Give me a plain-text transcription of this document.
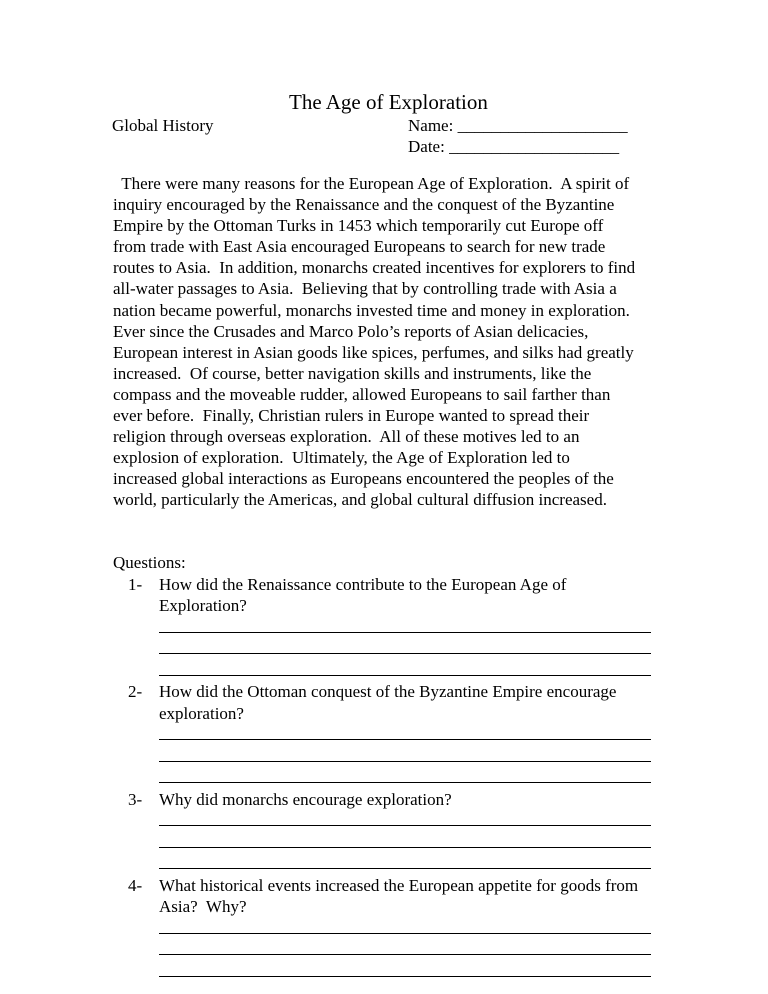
The Age of Exploration
Global History	Name: ____________________
Date: ____________________
There were many reasons for the European Age of Exploration.  A spirit of
inquiry encouraged by the Renaissance and the conquest of the Byzantine
Empire by the Ottoman Turks in 1453 which temporarily cut Europe off
from trade with East Asia encouraged Europeans to search for new trade
routes to Asia.  In addition, monarchs created incentives for explorers to find
all-water passages to Asia.  Believing that by controlling trade with Asia a
nation became powerful, monarchs invested time and money in exploration.
Ever since the Crusades and Marco Polo’s reports of Asian delicacies,
European interest in Asian goods like spices, perfumes, and silks had greatly
increased.  Of course, better navigation skills and instruments, like the
compass and the moveable rudder, allowed Europeans to sail farther than
ever before.  Finally, Christian rulers in Europe wanted to spread their
religion through overseas exploration.  All of these motives led to an
explosion of exploration.  Ultimately, the Age of Exploration led to
increased global interactions as Europeans encountered the peoples of the
world, particularly the Americas, and global cultural diffusion increased.
Questions:
1- How did the Renaissance contribute to the European Age of
Exploration?
2- How did the Ottoman conquest of the Byzantine Empire encourage
exploration?
3- Why did monarchs encourage exploration?
4- What historical events increased the European appetite for goods from
Asia?  Why?
